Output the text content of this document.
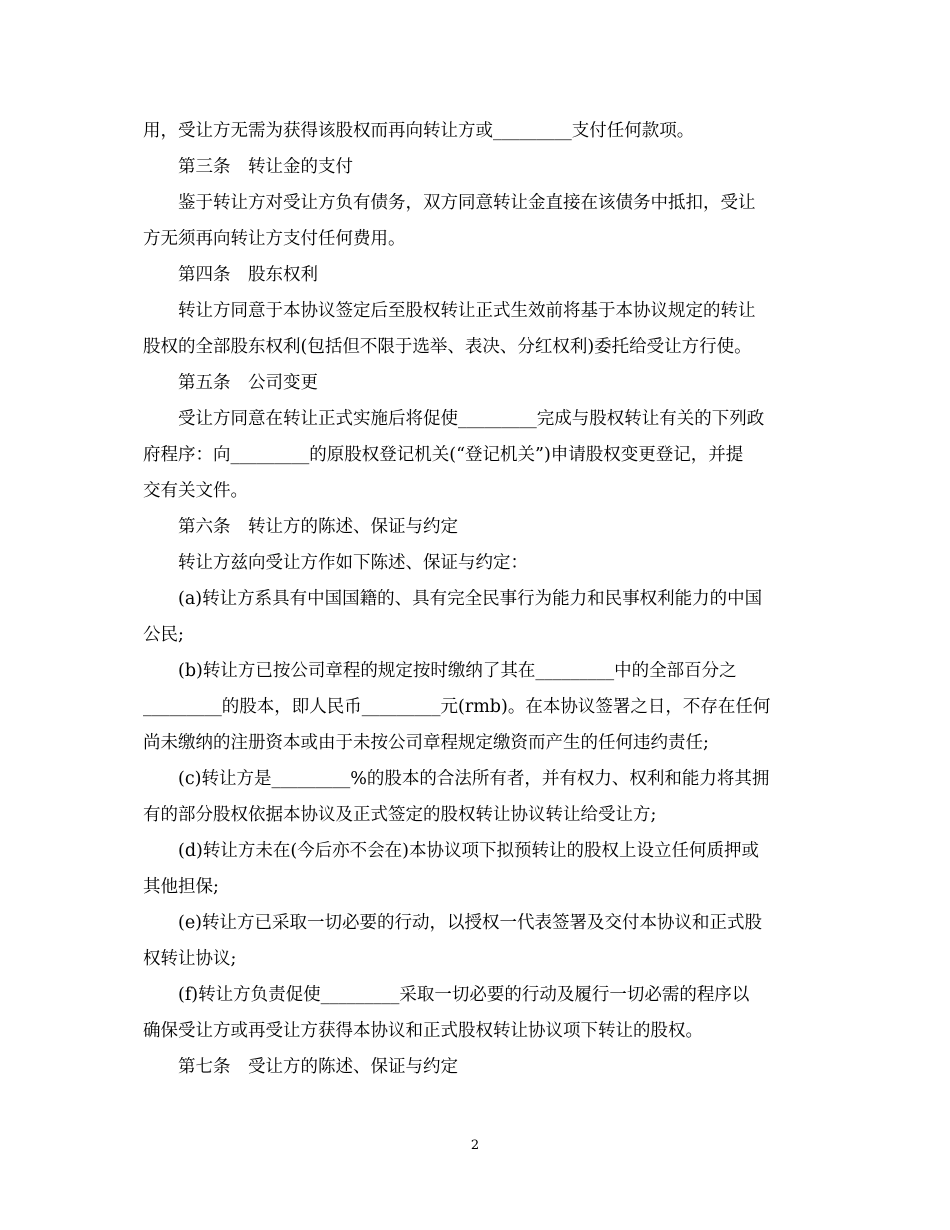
用，受让方无需为获得该股权而再向转让方或_________支付任何款项。
第三条　转让金的支付
鉴于转让方对受让方负有债务，双方同意转让金直接在该债务中抵扣，受让
方无须再向转让方支付任何费用。
第四条　股东权利
转让方同意于本协议签定后至股权转让正式生效前将基于本协议规定的转让
股权的全部股东权利(包括但不限于选举、表决、分红权利)委托给受让方行使。
第五条　公司变更
受让方同意在转让正式实施后将促使_________完成与股权转让有关的下列政
府程序：向_________的原股权登记机关(“登记机关”)申请股权变更登记，并提
交有关文件。
第六条　转让方的陈述、保证与约定
转让方兹向受让方作如下陈述、保证与约定：
(a)转让方系具有中国国籍的、具有完全民事行为能力和民事权利能力的中国
公民;
(b)转让方已按公司章程的规定按时缴纳了其在_________中的全部百分之
_________的股本，即人民币_________元(rmb)。在本协议签署之日，不存在任何
尚未缴纳的注册资本或由于未按公司章程规定缴资而产生的任何违约责任;
(c)转让方是_________%的股本的合法所有者，并有权力、权利和能力将其拥
有的部分股权依据本协议及正式签定的股权转让协议转让给受让方;
(d)转让方未在(今后亦不会在)本协议项下拟预转让的股权上设立任何质押或
其他担保;
(e)转让方已采取一切必要的行动，以授权一代表签署及交付本协议和正式股
权转让协议;
(f)转让方负责促使_________采取一切必要的行动及履行一切必需的程序以
确保受让方或再受让方获得本协议和正式股权转让协议项下转让的股权。
第七条　受让方的陈述、保证与约定
2
